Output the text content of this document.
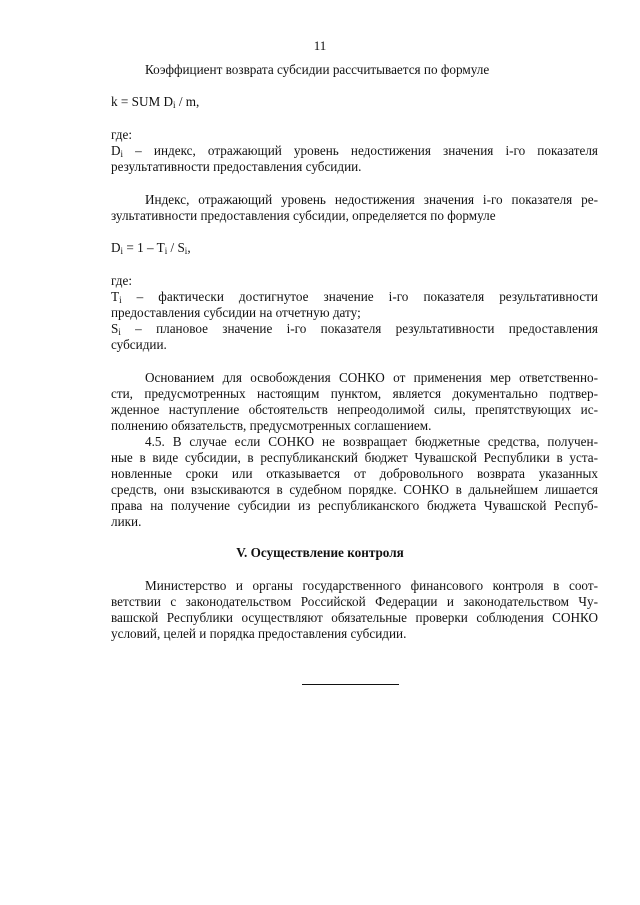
11

Коэффициент возврата субсидии рассчитывается по формуле

k = SUM $D_i$ / m,

где:

$D_i$ – индекс, отражающий уровень недостижения значения i-го показателя

результативности предоставления субсидии.

Индекс, отражающий уровень недостижения значения i-го показателя ре-

зультативности предоставления субсидии, определяется по формуле

$D_i = 1 - T_i / S_i$,

где:

$T_i$ – фактически достигнутое значение i-го показателя результативности

предоставления субсидии на отчетную дату;

$S_i$ – плановое значение i-го показателя результативности предоставления

субсидии.

Основанием для освобождения СОНКО от применения мер ответственно-

сти, предусмотренных настоящим пунктом, является документально подтвер-

жденное наступление обстоятельств непреодолимой силы, препятствующих ис-

полнению обязательств, предусмотренных соглашением.

4.5. В случае если СОНКО не возвращает бюджетные средства, получен-

ные в виде субсидии, в республиканский бюджет Чувашской Республики в уста-

новленные сроки или отказывается от добровольного возврата указанных

средств, они взыскиваются в судебном порядке. СОНКО в дальнейшем лишается

права на получение субсидии из республиканского бюджета Чувашской Респуб-

лики.

V. Осуществление контроля

Министерство и органы государственного финансового контроля в соот-

ветствии с законодательством Российской Федерации и законодательством Чу-

вашской Республики осуществляют обязательные проверки соблюдения СОНКО

условий, целей и порядка предоставления субсидии.
